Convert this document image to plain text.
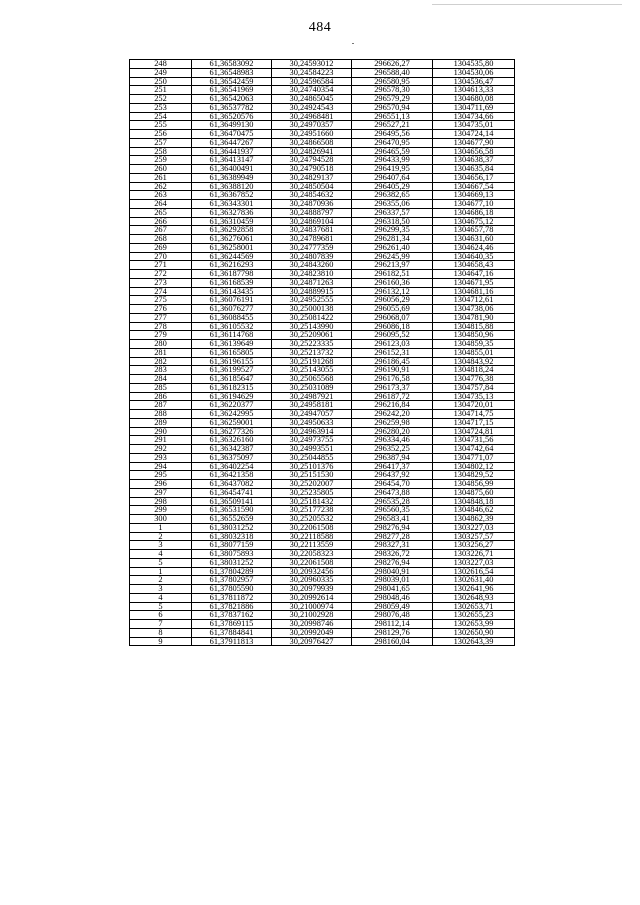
484
248	61,36583092	30,24593012	296626,27	1304535,80
249	61,36548983	30,24584223	296588,40	1304530,06
250	61,36542459	30,24596584	296580,95	1304536,47
251	61,36541969	30,24740354	296578,30	1304613,33
252	61,36542063	30,24865045	296579,29	1304680,08
253	61,36537782	30,24924543	296570,94	1304711,69
254	61,36520576	30,24968481	296551,13	1304734,66
255	61,36499130	30,24970357	296527,21	1304735,01
256	61,36470475	30,24951660	296495,56	1304724,14
257	61,36447267	30,24866508	296470,95	1304677,90
258	61,36441937	30,24826941	296465,59	1304656,58
259	61,36413147	30,24794528	296433,99	1304638,37
260	61,36400491	30,24790518	296419,95	1304635,84
261	61,36389949	30,24829137	296407,64	1304656,17
262	61,36388120	30,24850504	296405,29	1304667,54
263	61,36367852	30,24854632	296382,65	1304669,13
264	61,36343301	30,24870936	296355,06	1304677,10
265	61,36327836	30,24888797	296337,57	1304686,18
266	61,36310459	30,24869104	296318,50	1304675,12
267	61,36292858	30,24837681	296299,35	1304657,78
268	61,36276061	30,24789681	296281,34	1304631,60
269	61,36258001	30,24777359	296261,40	1304624,46
270	61,36244569	30,24807839	296245,99	1304640,35
271	61,36216293	30,24843260	296213,97	1304658,43
272	61,36187798	30,24823810	296182,51	1304647,16
273	61,36168539	30,24871263	296160,36	1304671,95
274	61,36143435	30,24889915	296132,12	1304681,16
275	61,36076191	30,24952555	296056,29	1304712,61
276	61,36076277	30,25000138	296055,69	1304738,06
277	61,36088455	30,25081422	296068,07	1304781,90
278	61,36105532	30,25143990	296086,18	1304815,88
279	61,36114768	30,25209061	296095,52	1304850,96
280	61,36139649	30,25223335	296123,03	1304859,35
281	61,36165805	30,25213732	296152,31	1304855,01
282	61,36196155	30,25191268	296186,45	1304843,92
283	61,36199527	30,25143055	296190,91	1304818,24
284	61,36185647	30,25065568	296176,58	1304776,38
285	61,36182315	30,25031089	296173,37	1304757,84
286	61,36194629	30,24987921	296187,72	1304735,13
287	61,36220377	30,24958181	296216,84	1304720,01
288	61,36242995	30,24947057	296242,20	1304714,75
289	61,36259001	30,24950633	296259,98	1304717,15
290	61,36277326	30,24963914	296280,20	1304724,81
291	61,36326160	30,24973755	296334,46	1304731,56
292	61,36342387	30,24993551	296352,25	1304742,64
293	61,36375097	30,25044855	296387,94	1304771,07
294	61,36402254	30,25101376	296417,37	1304802,12
295	61,36421358	30,25151530	296437,92	1304829,52
296	61,36437082	30,25202007	296454,70	1304856,99
297	61,36454741	30,25235805	296473,88	1304875,60
298	61,36509141	30,25181432	296535,28	1304848,18
299	61,36531590	30,25177238	296560,35	1304846,62
300	61,36552659	30,25205532	296583,41	1304862,39
1	61,38031252	30,22061508	298276,94	1303227,03
2	61,38032318	30,22118588	298277,28	1303257,57
3	61,38077159	30,22113559	298327,31	1303256,27
4	61,38075893	30,22058323	298326,72	1303226,71
5	61,38031252	30,22061508	298276,94	1303227,03
1	61,37804289	30,20932456	298040,91	1302616,54
2	61,37802957	30,20960335	298039,01	1302631,40
3	61,37805590	30,20979939	298041,65	1302641,96
4	61,37811872	30,20992614	298048,46	1302648,93
5	61,37821886	30,21000974	298059,49	1302653,71
6	61,37837162	30,21002928	298076,48	1302655,23
7	61,37869115	30,20998746	298112,14	1302653,99
8	61,37884841	30,20992049	298129,76	1302650,90
9	61,37911813	30,20976427	298160,04	1302643,39
